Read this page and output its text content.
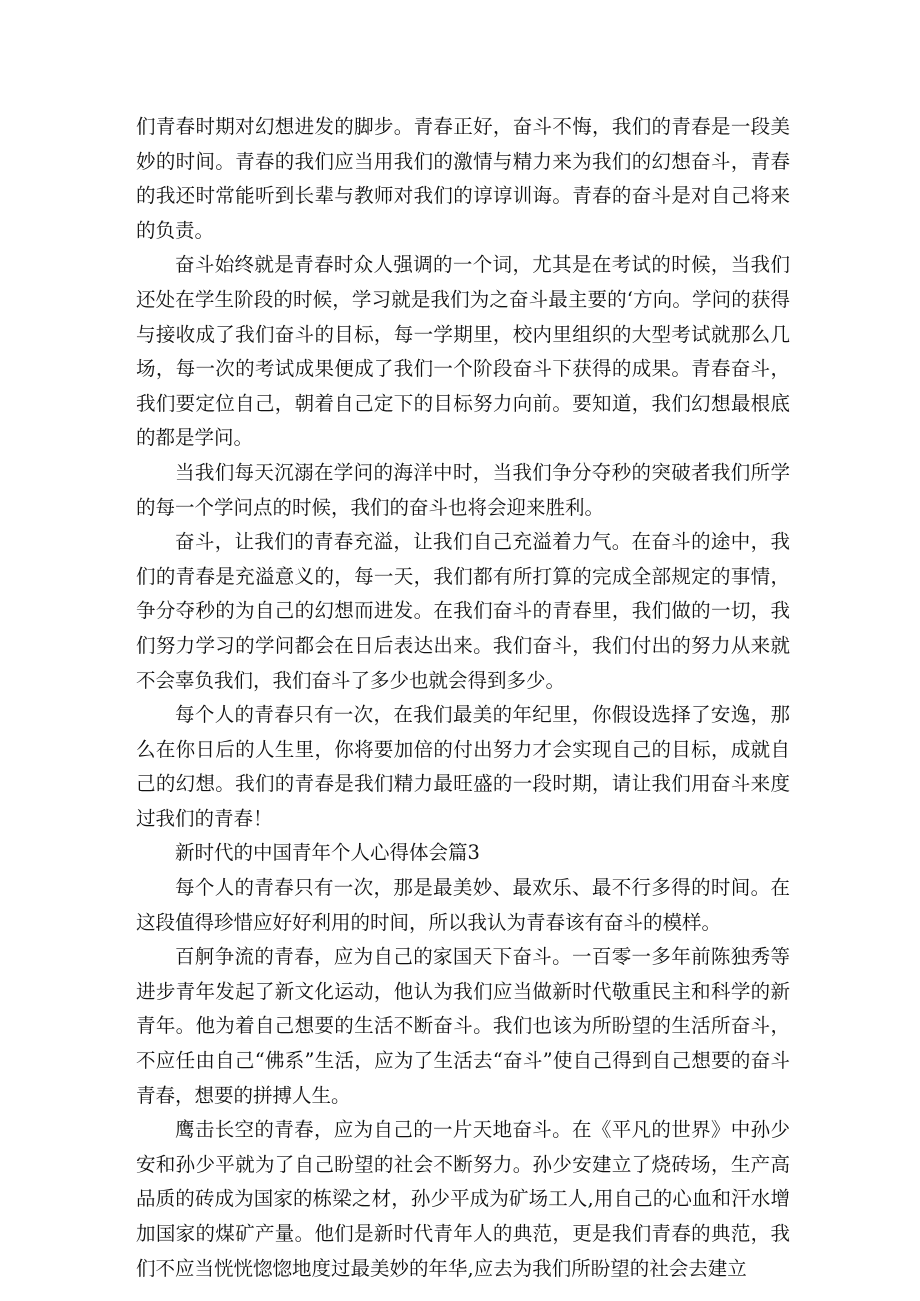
们青春时期对幻想进发的脚步。青春正好，奋斗不悔，我们的青春是一段美妙的时间。青春的我们应当用我们的激情与精力来为我们的幻想奋斗，青春的我还时常能听到长辈与教师对我们的谆谆训诲。青春的奋斗是对自己将来的负责。

奋斗始终就是青春时众人强调的一个词，尤其是在考试的时候，当我们还处在学生阶段的时候，学习就是我们为之奋斗最主要的‘方向。学问的获得与接收成了我们奋斗的目标，每一学期里，校内里组织的大型考试就那么几场，每一次的考试成果便成了我们一个阶段奋斗下获得的成果。青春奋斗，我们要定位自己，朝着自己定下的目标努力向前。要知道，我们幻想最根底的都是学问。

当我们每天沉溺在学问的海洋中时，当我们争分夺秒的突破者我们所学的每一个学问点的时候，我们的奋斗也将会迎来胜利。

奋斗，让我们的青春充溢，让我们自己充溢着力气。在奋斗的途中，我们的青春是充溢意义的，每一天，我们都有所打算的完成全部规定的事情，争分夺秒的为自己的幻想而进发。在我们奋斗的青春里，我们做的一切，我们努力学习的学问都会在日后表达出来。我们奋斗，我们付出的努力从来就不会辜负我们，我们奋斗了多少也就会得到多少。

每个人的青春只有一次，在我们最美的年纪里，你假设选择了安逸，那么在你日后的人生里，你将要加倍的付出努力才会实现自己的目标，成就自己的幻想。我们的青春是我们精力最旺盛的一段时期，请让我们用奋斗来度过我们的青春！

新时代的中国青年个人心得体会篇3

每个人的青春只有一次，那是最美妙、最欢乐、最不行多得的时间。在这段值得珍惜应好好利用的时间，所以我认为青春该有奋斗的模样。

百舸争流的青春，应为自己的家国天下奋斗。一百零一多年前陈独秀等进步青年发起了新文化运动，他认为我们应当做新时代敬重民主和科学的新青年。他为着自己想要的生活不断奋斗。我们也该为所盼望的生活所奋斗，不应任由自己“佛系”生活，应为了生活去“奋斗”使自己得到自己想要的奋斗青春，想要的拼搏人生。

鹰击长空的青春，应为自己的一片天地奋斗。在《平凡的世界》中孙少安和孙少平就为了自己盼望的社会不断努力。孙少安建立了烧砖场，生产高品质的砖成为国家的栋梁之材，孙少平成为矿场工人,用自己的心血和汗水增加国家的煤矿产量。他们是新时代青年人的典范，更是我们青春的典范，我们不应当恍恍惚惚地度过最美妙的年华,应去为我们所盼望的社会去建立
